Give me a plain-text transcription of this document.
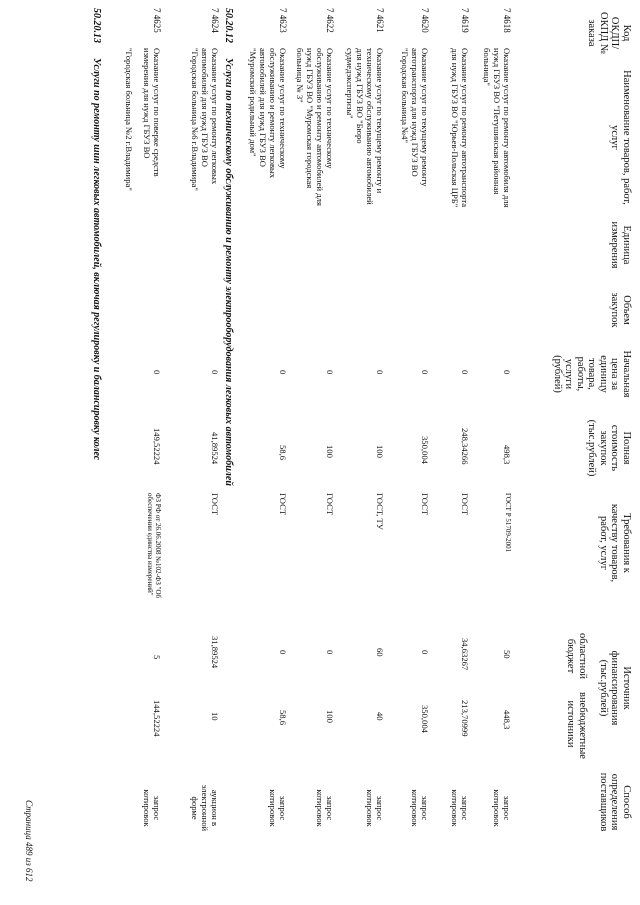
Код ОКДП/ ОКПД № заказа
Наименование товаров, работ, услуг
Единица измерения
Объем закупок
Начальная цена за единицу товара, работы, услуги (рублей)
Полная стоимость закупок (тыс.рублей)
Требования к качеству товаров, работ, услуг
Источник финансирования (тыс.рублей)
областной бюджет
внебюджетные источники
Способ определения поставщиков
7 4618
Оказание услуг по ремонту автомобиля для нужд ГБУЗ ВО "Петушинская районная больница"
0
498,3
ГОСТ Р 51709-2001
50
448,3
запрос котировок
7 4619
Оказание услуг по ремонту автотранспорта для нужд ГБУЗ ВО "Юрьев-Польская ЦРБ"
0
248,34266
ГОСТ
34,63267
213,70999
запрос котировок
7 4620
Оказание услуг по текущему ремонту автотранспорта для нужд ГБУЗ ВО "Городская больница №4"
0
350,004
ГОСТ
0
350,004
запрос котировок
7 4621
Оказание услуг по текущему ремонту и техническому обслуживанию автомобилей для нужд ГБУЗ ВО "Бюро судмедэкспертизы"
0
100
ГОСТ, ТУ
60
40
запрос котировок
7 4622
Оказание услуг по техническому обслуживанию и ремонту автомобилей для нужд ГБУЗ ВО "Муромская городская больница № 3"
0
100
ГОСТ
0
100
запрос котировок
7 4623
Оказание услуг по техническому обслуживанию и ремонту легковых автомобилей для нужд ГБУЗ ВО "Муромский родильный дом"
0
58,6
ГОСТ
0
58,6
запрос котировок
50.20.12
Услуги по техническому обслуживанию и ремонту электрооборудования легковых автомобилей
7 4624
Оказание услуг по ремонту легковых автомобилей для нужд ГБУЗ ВО "Городская больница №6 г.Владимира"
0
41,89524
ГОСТ
31,89524
10
аукцион в электронной форме
7 4625
Оказание услуг по поверке средств измерения для нужд ГБУЗ ВО
"Городская больница №2 г.Владимира"
0
149,52224
ФЗ РФ от 26.06.2008 №102-ФЗ "Об обеспечении единства измерений"
5
144,52224
запрос котировок
50.20.13
Услуги по ремонту шин легковых автомобилей, включая регулировку и балансировку колес
Страница 489 из 612
